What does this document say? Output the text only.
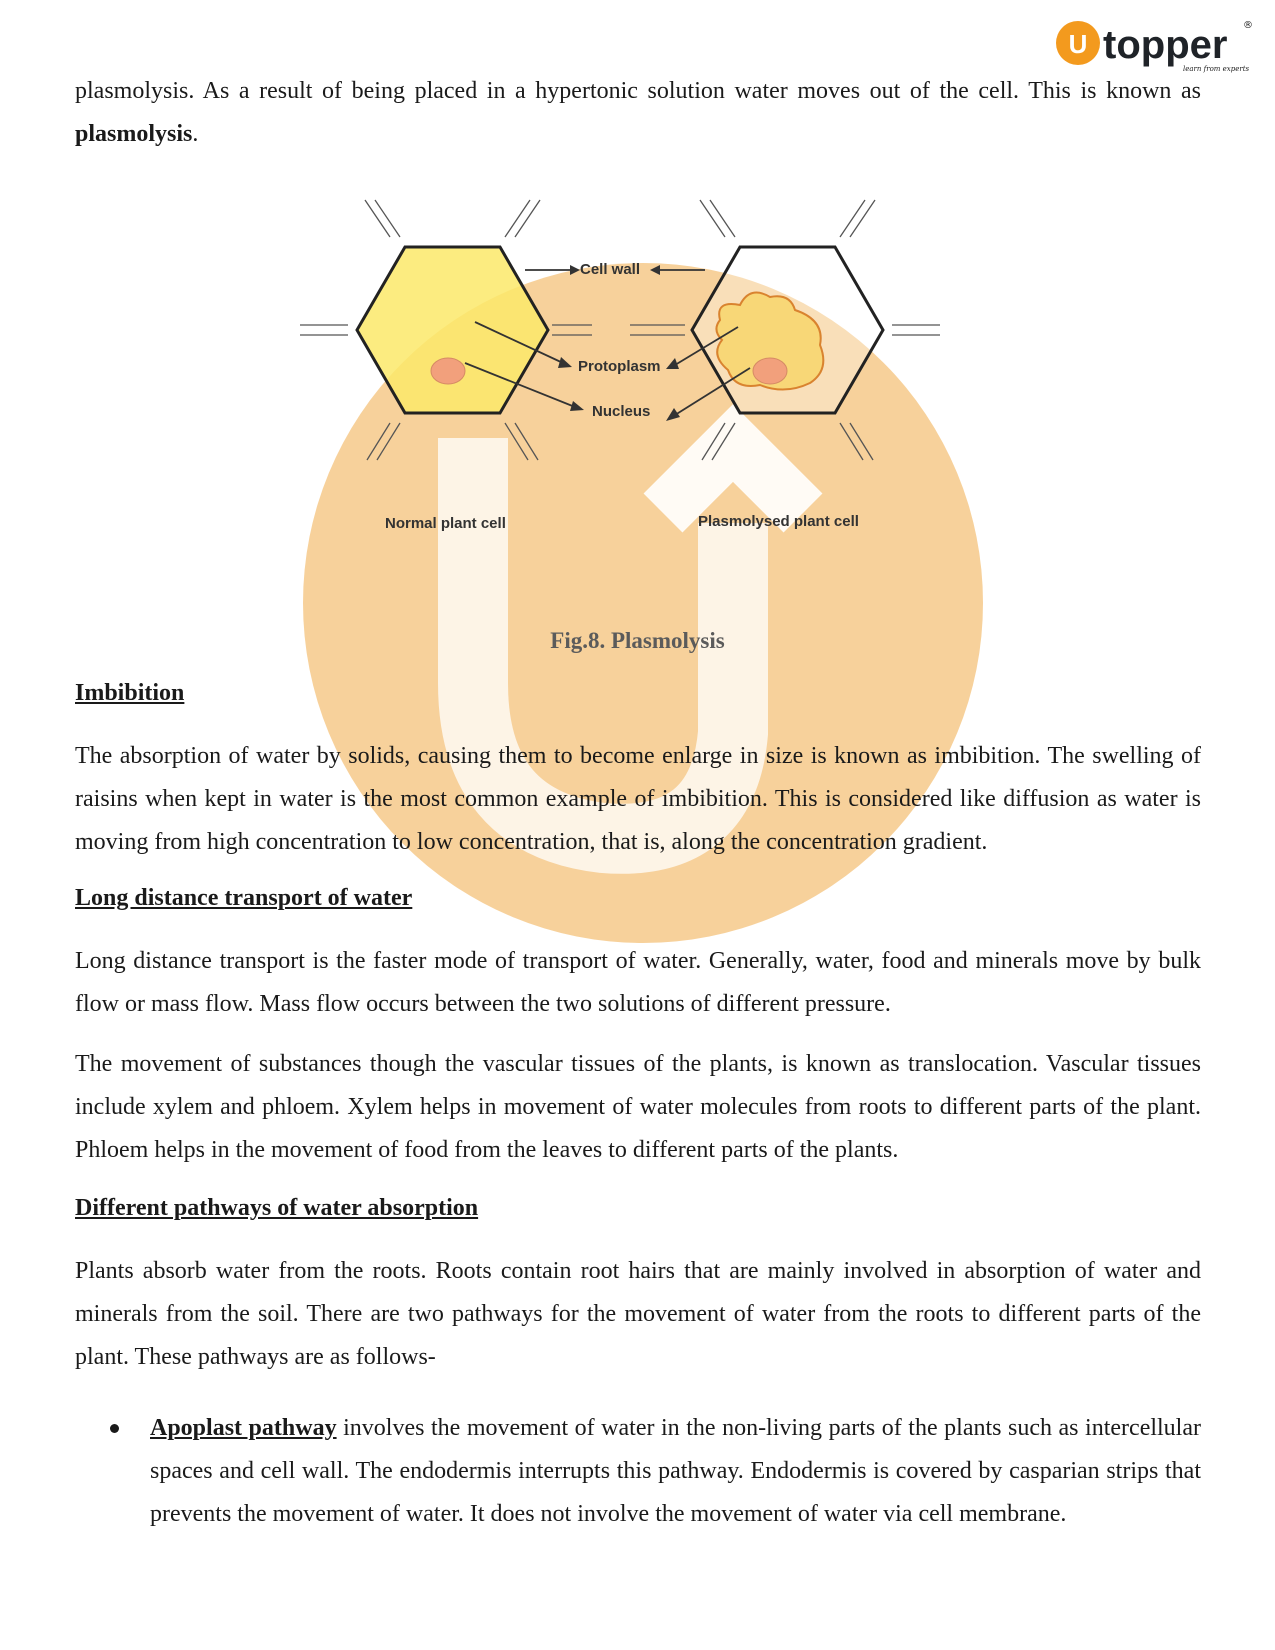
U topper ®
learn from experts

plasmolysis. As a result of being placed in a hypertonic solution water moves out of the cell. This is known as plasmolysis.

Cell wall
Protoplasm
Nucleus
Normal plant cell	Plasmolysed plant cell

Fig.8. Plasmolysis

Imbibition

The absorption of water by solids, causing them to become enlarge in size is known as imbibition. The swelling of raisins when kept in water is the most common example of imbibition. This is considered like diffusion as water is moving from high concentration to low concentration, that is, along the concentration gradient.

Long distance transport of water

Long distance transport is the faster mode of transport of water. Generally, water, food and minerals move by bulk flow or mass flow. Mass flow occurs between the two solutions of different pressure.

The movement of substances though the vascular tissues of the plants, is known as translocation. Vascular tissues include xylem and phloem. Xylem helps in movement of water molecules from roots to different parts of the plant. Phloem helps in the movement of food from the leaves to different parts of the plants.

Different pathways of water absorption

Plants absorb water from the roots. Roots contain root hairs that are mainly involved in absorption of water and minerals from the soil. There are two pathways for the movement of water from the roots to different parts of the plant. These pathways are as follows-

Apoplast pathway involves the movement of water in the non-living parts of the plants such as intercellular spaces and cell wall. The endodermis interrupts this pathway. Endodermis is covered by casparian strips that prevents the movement of water. It does not involve the movement of water via cell membrane.
